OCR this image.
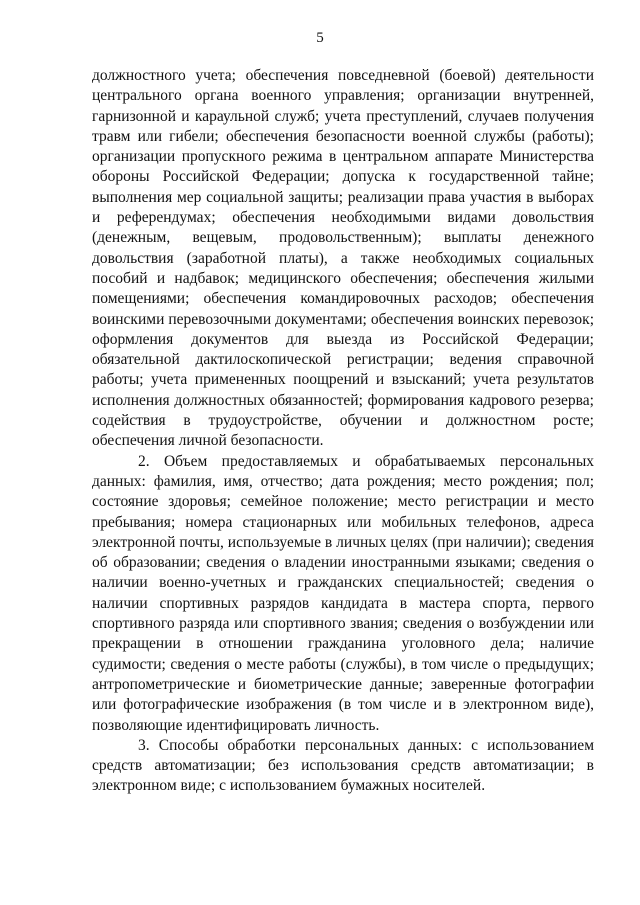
5

должностного учета; обеспечения повседневной (боевой) деятельности центрального органа военного управления; организации внутренней, гарнизонной и караульной служб; учета преступлений, случаев получения травм или гибели; обеспечения безопасности военной службы (работы); организации пропускного режима в центральном аппарате Министерства обороны Российской Федерации; допуска к государственной тайне; выполнения мер социальной защиты; реализации права участия в выборах и референдумах; обеспечения необходимыми видами довольствия (денежным, вещевым, продовольственным); выплаты денежного довольствия (заработной платы), а также необходимых социальных пособий и надбавок; медицинского обеспечения; обеспечения жилыми помещениями; обеспечения командировочных расходов; обеспечения воинскими перевозочными документами; обеспечения воинских перевозок; оформления документов для выезда из Российской Федерации; обязательной дактилоскопической регистрации; ведения справочной работы; учета примененных поощрений и взысканий; учета результатов исполнения должностных обязанностей; формирования кадрового резерва; содействия в трудоустройстве, обучении и должностном росте; обеспечения личной безопасности.

2. Объем предоставляемых и обрабатываемых персональных данных: фамилия, имя, отчество; дата рождения; место рождения; пол; состояние здоровья; семейное положение; место регистрации и место пребывания; номера стационарных или мобильных телефонов, адреса электронной почты, используемые в личных целях (при наличии); сведения об образовании; сведения о владении иностранными языками; сведения о наличии военно-учетных и гражданских специальностей; сведения о наличии спортивных разрядов кандидата в мастера спорта, первого спортивного разряда или спортивного звания; сведения о возбуждении или прекращении в отношении гражданина уголовного дела; наличие судимости; сведения о месте работы (службы), в том числе о предыдущих; антропометрические и биометрические данные; заверенные фотографии или фотографические изображения (в том числе и в электронном виде), позволяющие идентифицировать личность.

3. Способы обработки персональных данных: с использованием средств автоматизации; без использования средств автоматизации; в электронном виде; с использованием бумажных носителей.
